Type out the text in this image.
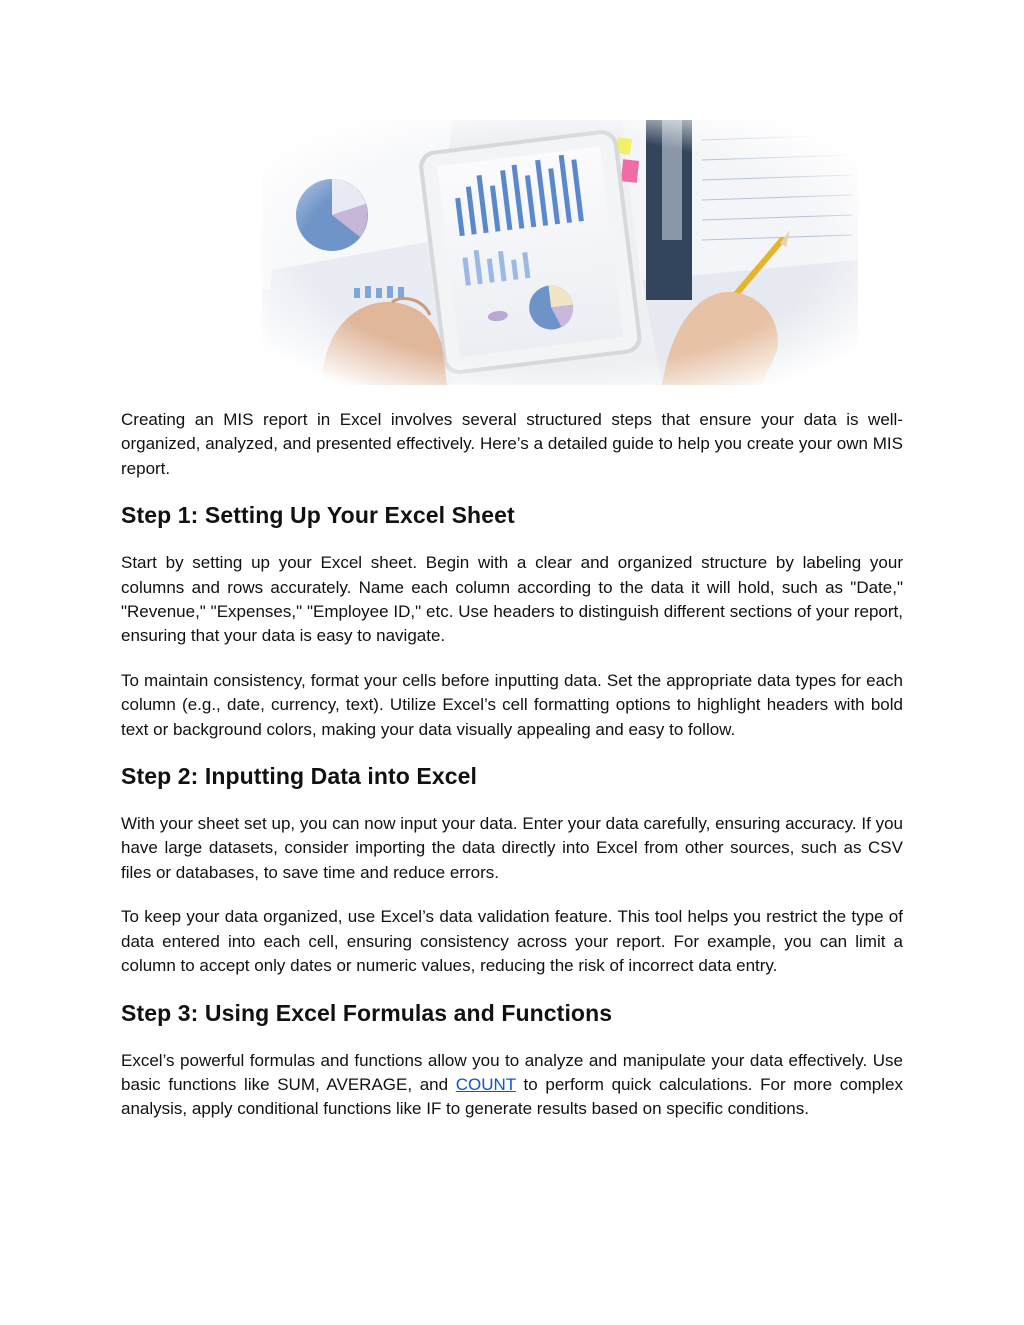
Creating an MIS report in Excel involves several structured steps that ensure your data is well-organized, analyzed, and presented effectively. Here’s a detailed guide to help you create your own MIS report.

Step 1: Setting Up Your Excel Sheet

Start by setting up your Excel sheet. Begin with a clear and organized structure by labeling your columns and rows accurately. Name each column according to the data it will hold, such as "Date," "Revenue," "Expenses," "Employee ID," etc. Use headers to distinguish different sections of your report, ensuring that your data is easy to navigate.

To maintain consistency, format your cells before inputting data. Set the appropriate data types for each column (e.g., date, currency, text). Utilize Excel’s cell formatting options to highlight headers with bold text or background colors, making your data visually appealing and easy to follow.

Step 2: Inputting Data into Excel

With your sheet set up, you can now input your data. Enter your data carefully, ensuring accuracy. If you have large datasets, consider importing the data directly into Excel from other sources, such as CSV files or databases, to save time and reduce errors.

To keep your data organized, use Excel’s data validation feature. This tool helps you restrict the type of data entered into each cell, ensuring consistency across your report. For example, you can limit a column to accept only dates or numeric values, reducing the risk of incorrect data entry.

Step 3: Using Excel Formulas and Functions

Excel’s powerful formulas and functions allow you to analyze and manipulate your data effectively. Use basic functions like SUM, AVERAGE, and COUNT to perform quick calculations. For more complex analysis, apply conditional functions like IF to generate results based on specific conditions.
